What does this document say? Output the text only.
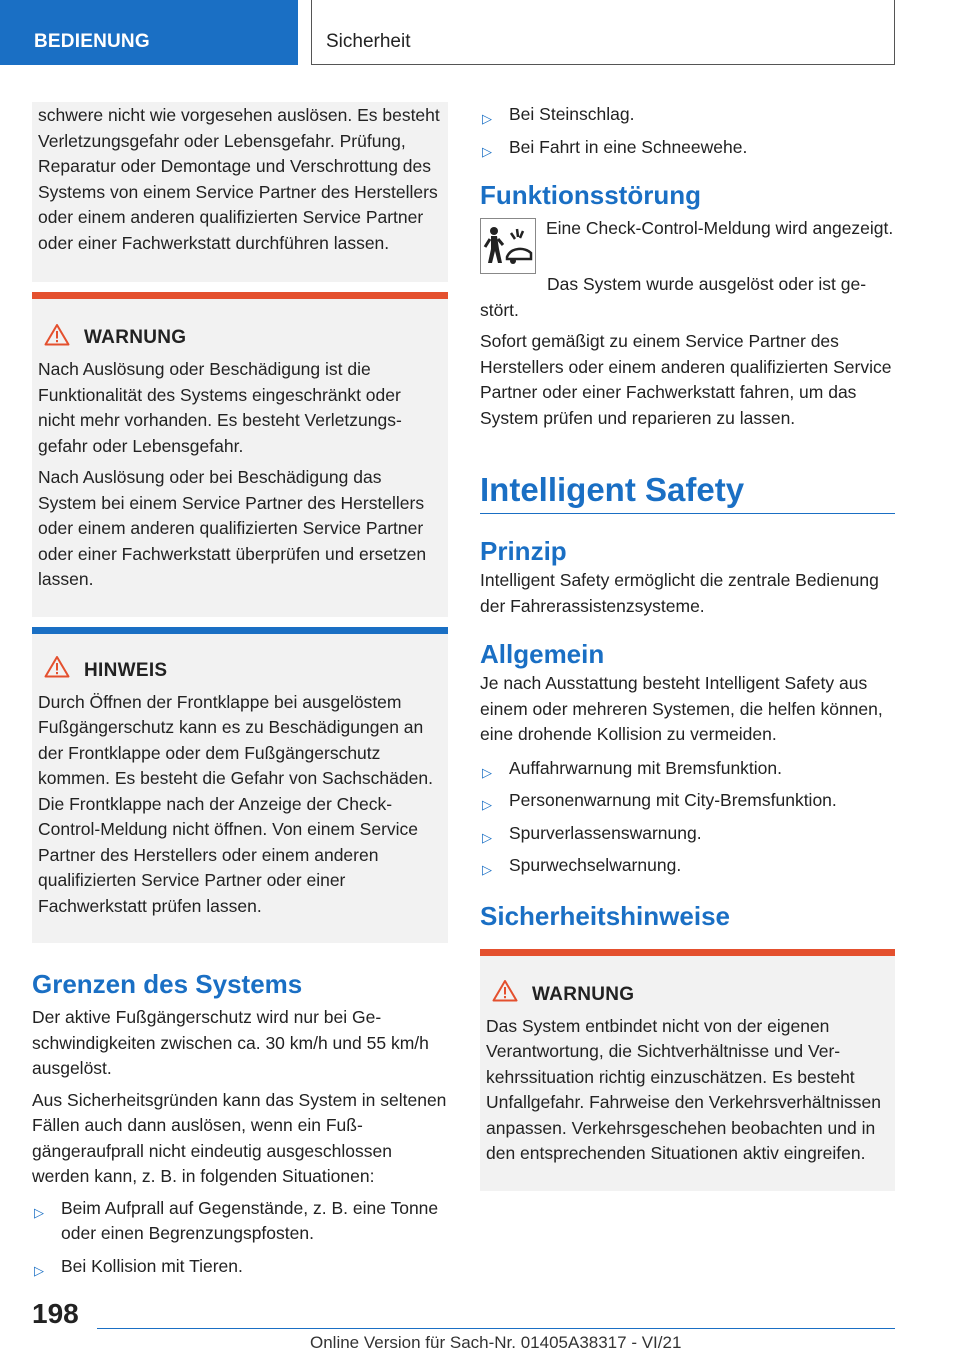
BEDIENUNG	Sicherheit

schwere nicht wie vorgesehen auslösen. Es besteht Verletzungsgefahr oder Lebensgefahr. Prüfung, Reparatur oder Demontage und Verschrottung des Systems von einem Service Partner des Herstellers oder einem anderen qualifizierten Service Partner oder einer Fachwerkstatt durchführen lassen.

WARNUNG

Nach Auslösung oder Beschädigung ist die Funktionalität des Systems eingeschränkt oder nicht mehr vorhanden. Es besteht Verletzungsgefahr oder Lebensgefahr.

Nach Auslösung oder bei Beschädigung das System bei einem Service Partner des Herstellers oder einem anderen qualifizierten Service Partner oder einer Fachwerkstatt überprüfen und ersetzen lassen.

HINWEIS

Durch Öffnen der Frontklappe bei ausgelöstem Fußgängerschutz kann es zu Beschädigungen an der Frontklappe oder dem Fußgängerschutz kommen. Es besteht die Gefahr von Sachschäden. Die Frontklappe nach der Anzeige der Check-Control-Meldung nicht öffnen. Von einem Service Partner des Herstellers oder einem anderen qualifizierten Service Partner oder einer Fachwerkstatt prüfen lassen.

Grenzen des Systems

Der aktive Fußgängerschutz wird nur bei Geschwindigkeiten zwischen ca. 30 km/h und 55 km/h ausgelöst.

Aus Sicherheitsgründen kann das System in seltenen Fällen auch dann auslösen, wenn ein Fußgängeraufprall nicht eindeutig ausgeschlossen werden kann, z. B. in folgenden Situationen:

▷ Beim Aufprall auf Gegenstände, z. B. eine Tonne oder einen Begrenzungspfosten.
▷ Bei Kollision mit Tieren.
▷ Bei Steinschlag.
▷ Bei Fahrt in eine Schneewehe.
Funktionsstörung

Eine Check-Control-Meldung wird angezeigt.

Das System wurde ausgelöst oder ist gestört.

Sofort gemäßigt zu einem Service Partner des Herstellers oder einem anderen qualifizierten Service Partner oder einer Fachwerkstatt fahren, um das System prüfen und reparieren zu lassen.

Intelligent Safety
Prinzip

Intelligent Safety ermöglicht die zentrale Bedienung der Fahrerassistenzsysteme.

Allgemein

Je nach Ausstattung besteht Intelligent Safety aus einem oder mehreren Systemen, die helfen können, eine drohende Kollision zu vermeiden.

▷ Auffahrwarnung mit Bremsfunktion.
▷ Personenwarnung mit City-Bremsfunktion.
▷ Spurverlassenswarnung.
▷ Spurwechselwarnung.
Sicherheitshinweise
WARNUNG

Das System entbindet nicht von der eigenen Verantwortung, die Sichtverhältnisse und Verkehrssituation richtig einzuschätzen. Es besteht Unfallgefahr. Fahrweise den Verkehrsverhältnissen anpassen. Verkehrsgeschehen beobachten und in den entsprechenden Situationen aktiv eingreifen.

198
Online Version für Sach-Nr. 01405A38317 - VI/21
